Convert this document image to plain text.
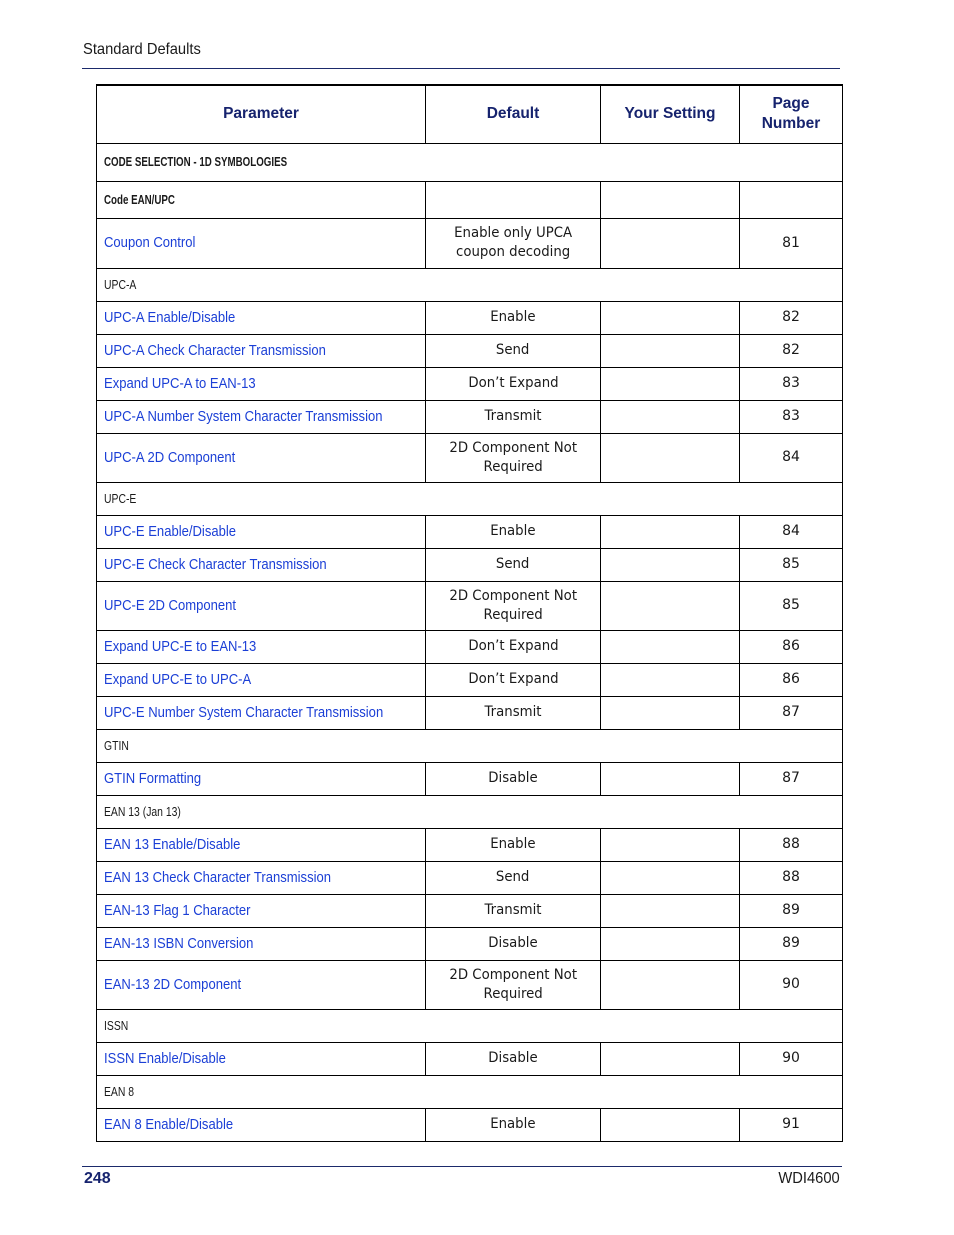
Standard Defaults
Parameter	Default	Your Setting	Page
Number
CODE SELECTION - 1D SYMBOLOGIES			
Code EAN/UPC			
Coupon Control	Enable only UPCA
coupon decoding		81
UPC-A			
UPC-A Enable/Disable	Enable		82
UPC-A Check Character Transmission	Send		82
Expand UPC-A to EAN-13	Don’t Expand		83
UPC-A Number System Character Transmission	Transmit		83
UPC-A 2D Component	2D Component Not
Required		84
UPC-E			
UPC-E Enable/Disable	Enable		84
UPC-E Check Character Transmission	Send		85
UPC-E 2D Component	2D Component Not
Required		85
Expand UPC-E to EAN-13	Don’t Expand		86
Expand UPC-E to UPC-A	Don’t Expand		86
UPC-E Number System Character Transmission	Transmit		87
GTIN			
GTIN Formatting	Disable		87
EAN 13 (Jan 13)			
EAN 13 Enable/Disable	Enable		88
EAN 13 Check Character Transmission	Send		88
EAN-13 Flag 1 Character	Transmit		89
EAN-13 ISBN Conversion	Disable		89
EAN-13 2D Component	2D Component Not
Required		90
ISSN			
ISSN Enable/Disable	Disable		90
EAN 8			
EAN 8 Enable/Disable	Enable		91
248	WDI4600
